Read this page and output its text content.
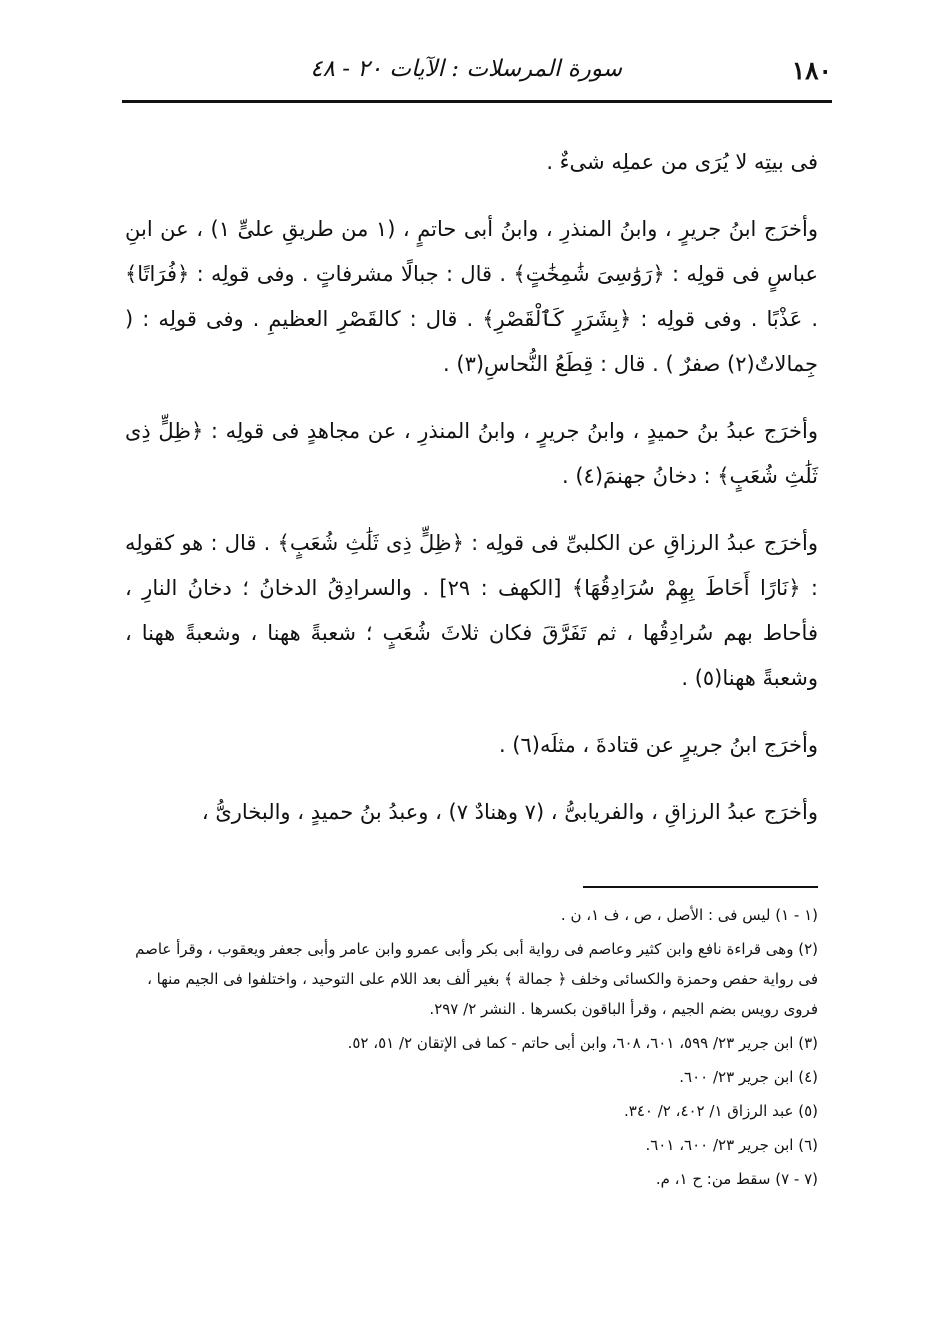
١٨٠
سورة المرسلات : الآيات ٢٠ - ٤٨

فى بيتِه لا يُرَى من عملِه شىءٌ .

وأخرَج ابنُ جريرٍ ، وابنُ المنذرِ ، وابنُ أبى حاتمٍ ، (١ من طريقِ علىٍّ ١) ، عن ابنِ عباسٍ فى قولِه : ﴿رَوَٰسِىَ شَٰمِخَٰتٍ﴾ . قال : جبالًا مشرفاتٍ . وفى قولِه : ﴿فُرَاتًا﴾ . عَذْبًا . وفى قولِه : ﴿بِشَرَرٍ كَٱلْقَصْرِ﴾ . قال : كالقَصْرِ العظيمِ . وفى قولِه : ( جِمالاتٌ(٢) صفرٌ ) . قال : قِطَعُ النُّحاسِ(٣) .

وأخرَج عبدُ بنُ حميدٍ ، وابنُ جريرٍ ، وابنُ المنذرِ ، عن مجاهدٍ فى قولِه : ﴿ظِلٍّ ذِى ثَلَٰثِ شُعَبٍ﴾ : دخانُ جهنمَ(٤) .

وأخرَج عبدُ الرزاقِ عن الكلبىِّ فى قولِه : ﴿ظِلٍّ ذِى ثَلَٰثِ شُعَبٍ﴾ . قال : هو كقولِه : ﴿نَارًا أَحَاطَ بِهِمْ سُرَادِقُهَا﴾ [الكهف : ٢٩] . والسرادِقُ الدخانُ ؛ دخانُ النارِ ، فأحاط بهم سُرادِقُها ، ثم تَفَرَّقَ فكان ثلاثَ شُعَبٍ ؛ شعبةً ههنا ، وشعبةً ههنا ، وشعبةً ههنا(٥) .

وأخرَج ابنُ جريرٍ عن قتادةَ ، مثلَه(٦) .

وأخرَج عبدُ الرزاقِ ، والفريابىُّ ، (٧ وهنادٌ ٧) ، وعبدُ بنُ حميدٍ ، والبخارىُّ ،

(١ - ١) ليس فى : الأصل ، ص ، ف ١، ن .

(٢) وهى قراءة نافع وابن كثير وعاصم فى رواية أبى بكر وأبى عمرو وابن عامر وأبى جعفر ويعقوب ، وقرأ عاصم فى رواية حفص وحمزة والكسائى وخلف ﴿ جمالة ﴾ بغير ألف بعد اللام على التوحيد ، واختلفوا فى الجيم منها ، فروى رويس بضم الجيم ، وقرأ الباقون بكسرها . النشر ٢/ ٢٩٧.

(٣) ابن جرير ٢٣/ ٥٩٩، ٦٠١، ٦٠٨، وابن أبى حاتم - كما فى الإتقان ٢/ ٥١، ٥٢.

(٤) ابن جرير ٢٣/ ٦٠٠.

(٥) عبد الرزاق ١/ ٤٠٢، ٢/ ٣٤٠.

(٦) ابن جرير ٢٣/ ٦٠٠، ٦٠١.

(٧ - ٧) سقط من: ح ١، م.
